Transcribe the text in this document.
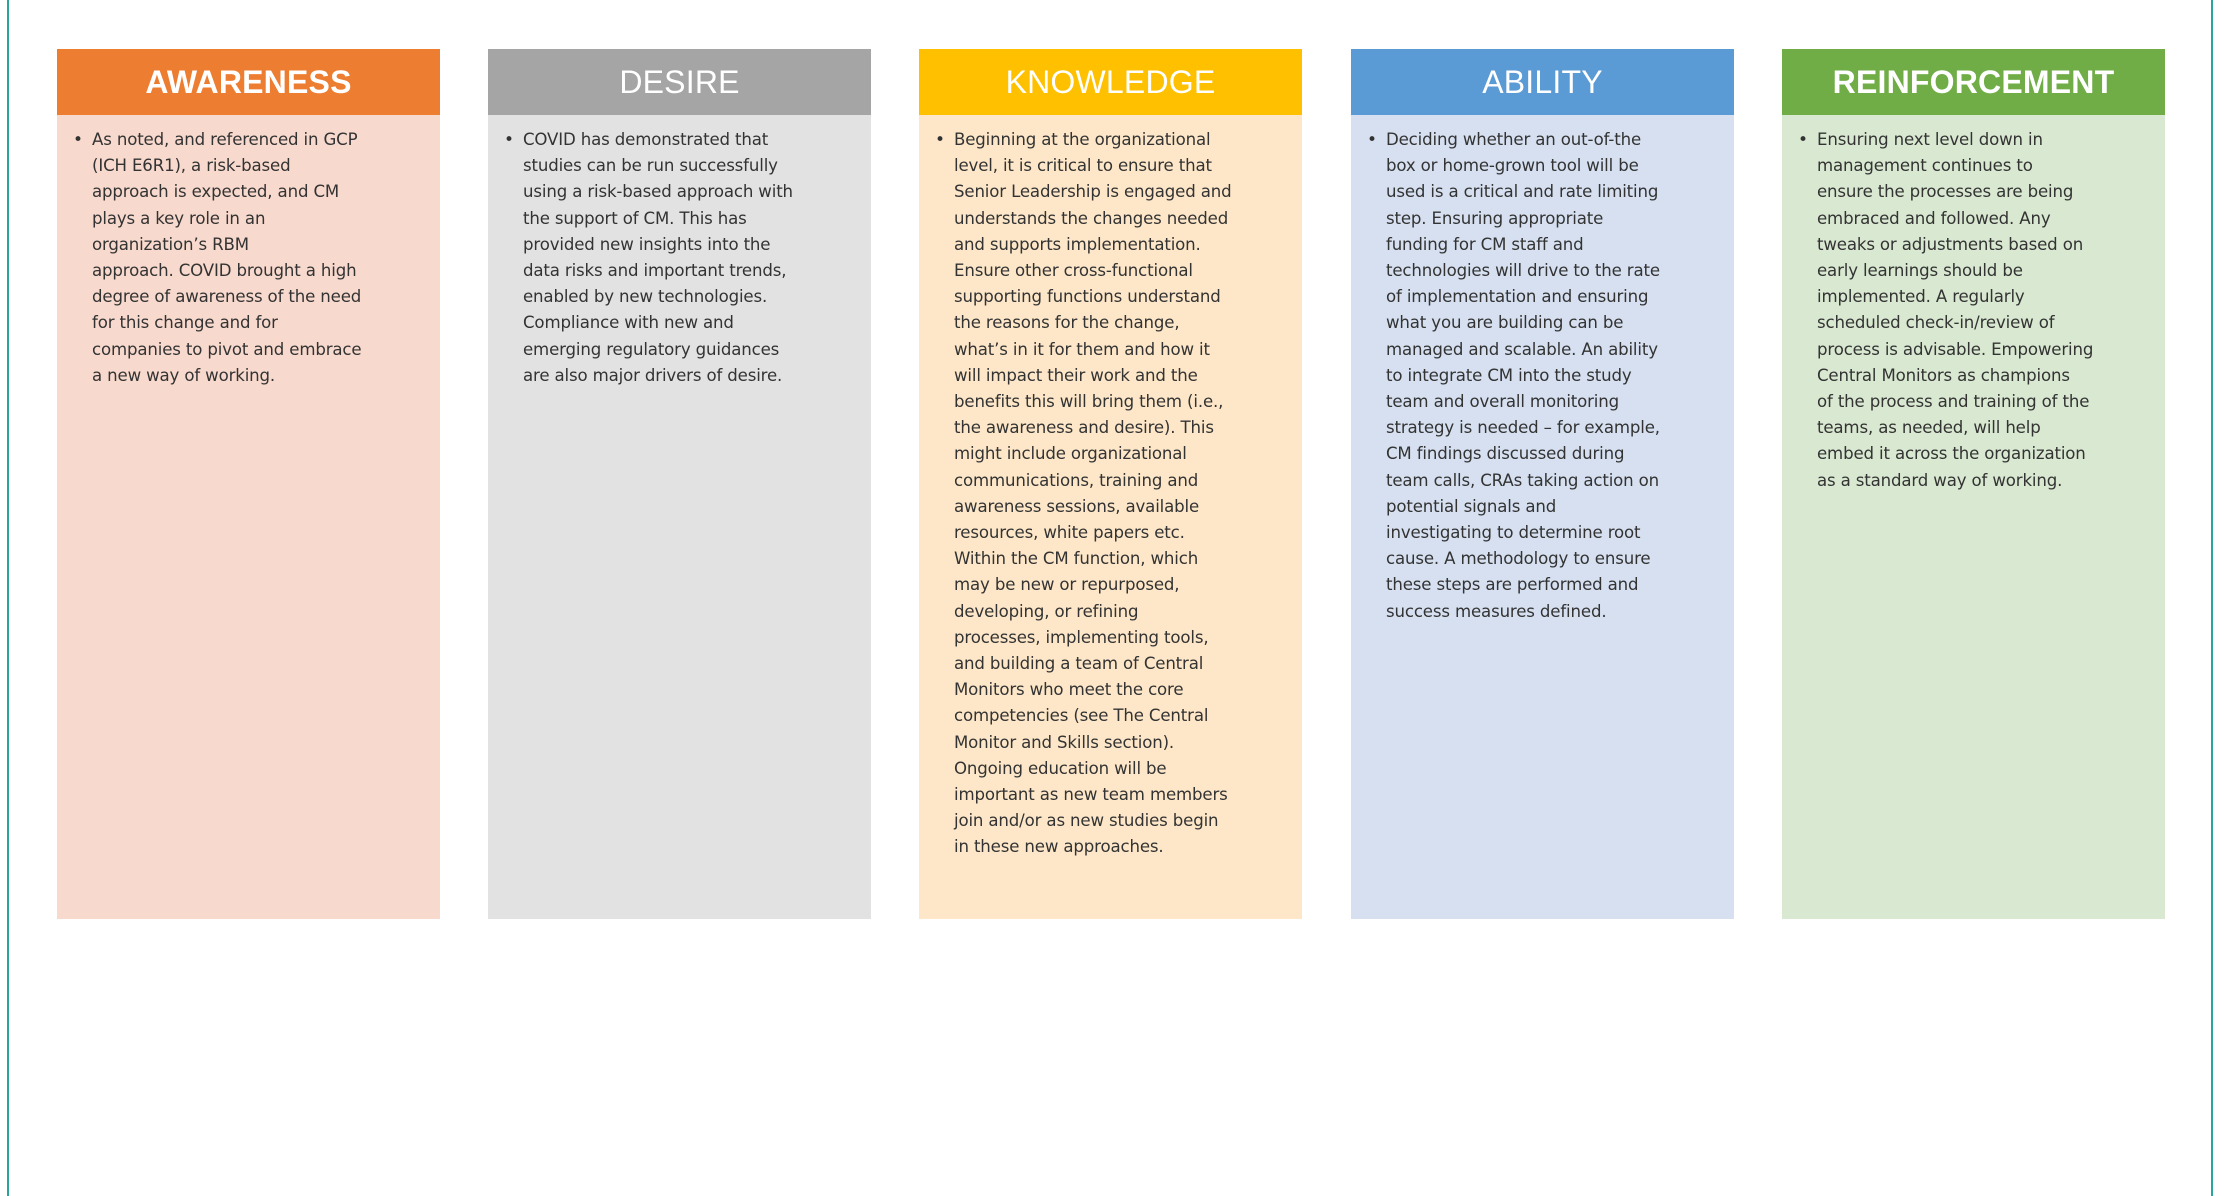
AWARENESS
• As noted, and referenced in GCP
(ICH E6R1), a risk-based
approach is expected, and CM
plays a key role in an
organization’s RBM
approach. COVID brought a high
degree of awareness of the need
for this change and for
companies to pivot and embrace
a new way of working.
DESIRE
• COVID has demonstrated that
studies can be run successfully
using a risk-based approach with
the support of CM. This has
provided new insights into the
data risks and important trends,
enabled by new technologies.
Compliance with new and
emerging regulatory guidances
are also major drivers of desire.
KNOWLEDGE
• Beginning at the organizational
level, it is critical to ensure that
Senior Leadership is engaged and
understands the changes needed
and supports implementation.
Ensure other cross-functional
supporting functions understand
the reasons for the change,
what’s in it for them and how it
will impact their work and the
benefits this will bring them (i.e.,
the awareness and desire). This
might include organizational
communications, training and
awareness sessions, available
resources, white papers etc.
Within the CM function, which
may be new or repurposed,
developing, or refining
processes, implementing tools,
and building a team of Central
Monitors who meet the core
competencies (see The Central
Monitor and Skills section).
Ongoing education will be
important as new team members
join and/or as new studies begin
in these new approaches.
ABILITY
• Deciding whether an out-of-the
box or home-grown tool will be
used is a critical and rate limiting
step. Ensuring appropriate
funding for CM staff and
technologies will drive to the rate
of implementation and ensuring
what you are building can be
managed and scalable. An ability
to integrate CM into the study
team and overall monitoring
strategy is needed – for example,
CM findings discussed during
team calls, CRAs taking action on
potential signals and
investigating to determine root
cause. A methodology to ensure
these steps are performed and
success measures defined.
REINFORCEMENT
• Ensuring next level down in
management continues to
ensure the processes are being
embraced and followed. Any
tweaks or adjustments based on
early learnings should be
implemented. A regularly
scheduled check-in/review of
process is advisable. Empowering
Central Monitors as champions
of the process and training of the
teams, as needed, will help
embed it across the organization
as a standard way of working.
